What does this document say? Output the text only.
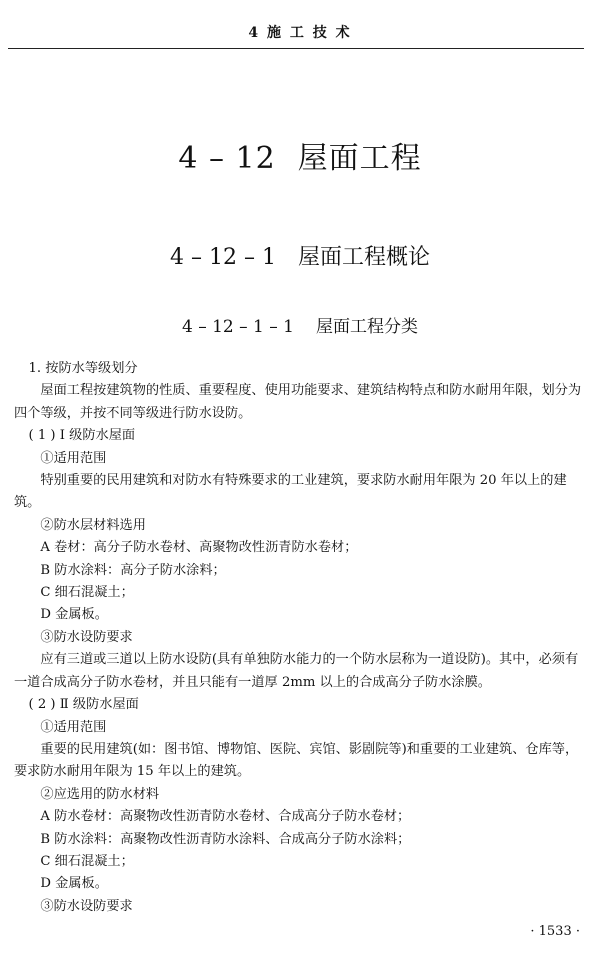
4 施 工 技 术
4 – 12 屋面工程
4 – 12 – 1 屋面工程概论
4 – 12 – 1 – 1 屋面工程分类

1. 按防水等级划分

屋面工程按建筑物的性质、重要程度、使用功能要求、建筑结构特点和防水耐用年限，划分为四个等级，并按不同等级进行防水设防。

( 1 ) Ⅰ 级防水屋面

①适用范围

特别重要的民用建筑和对防水有特殊要求的工业建筑，要求防水耐用年限为 20 年以上的建筑。

②防水层材料选用

A 卷材：高分子防水卷材、高聚物改性沥青防水卷材；

B 防水涂料：高分子防水涂料；

C 细石混凝土；

D 金属板。

③防水设防要求

应有三道或三道以上防水设防(具有单独防水能力的一个防水层称为一道设防)。其中，必须有一道合成高分子防水卷材，并且只能有一道厚 2mm 以上的合成高分子防水涂膜。

( 2 ) Ⅱ 级防水屋面

①适用范围

重要的民用建筑(如：图书馆、博物馆、医院、宾馆、影剧院等)和重要的工业建筑、仓库等，要求防水耐用年限为 15 年以上的建筑。

②应选用的防水材料

A 防水卷材：高聚物改性沥青防水卷材、合成高分子防水卷材；

B 防水涂料：高聚物改性沥青防水涂料、合成高分子防水涂料；

C 细石混凝土；

D 金属板。

③防水设防要求

· 1533 ·
